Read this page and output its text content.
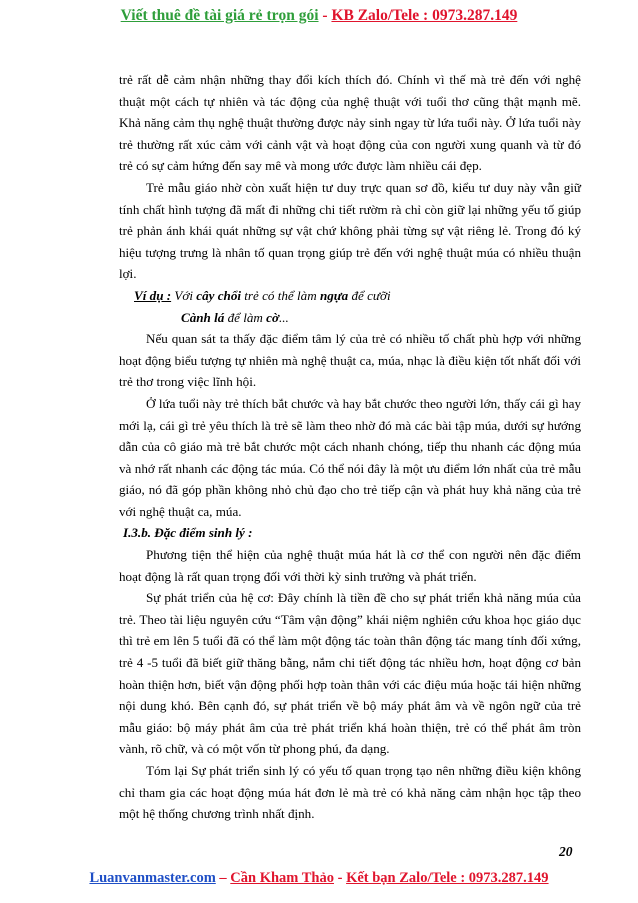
Viết thuê đề tài giá rẻ trọn gói - KB Zalo/Tele : 0973.287.149

trẻ rất dễ cảm nhận những thay đổi kích thích đó. Chính vì thế mà trẻ đến với nghệ thuật một cách tự nhiên và tác động của nghệ thuật với tuổi thơ cũng thật mạnh mẽ. Khả năng cảm thụ nghệ thuật thường được nảy sinh ngay từ lứa tuổi này. Ở lứa tuổi này trẻ thường rất xúc cảm với cảnh vật và hoạt động của con người xung quanh và từ đó trẻ có sự cảm hứng đến say mê và mong ước được làm nhiều cái đẹp.

Trẻ mẫu giáo nhờ còn xuất hiện tư duy trực quan sơ đồ, kiểu tư duy này vẫn giữ tính chất hình tượng đã mất đi những chi tiết rườm rà chỉ còn giữ lại những yếu tố giúp trẻ phản ánh khái quát những sự vật chứ không phải từng sự vật riêng lẻ. Trong đó ký hiệu tượng trưng là nhân tố quan trọng giúp trẻ đến với nghệ thuật múa có nhiều thuận lợi.

Ví dụ : Với cây chổi trẻ có thể làm ngựa để cưỡi

Cành lá để làm cờ...

Nếu quan sát ta thấy đặc điểm tâm lý của trẻ có nhiều tố chất phù hợp với những hoạt động biểu tượng tự nhiên mà nghệ thuật ca, múa, nhạc là điều kiện tốt nhất đối với trẻ thơ trong việc lĩnh hội.

Ở lứa tuổi này trẻ thích bắt chước và hay bắt chước theo người lớn, thấy cái gì hay mới lạ, cái gì trẻ yêu thích là trẻ sẽ làm theo nhờ đó mà các bài tập múa, dưới sự hướng dẫn của cô giáo mà trẻ bắt chước một cách nhanh chóng, tiếp thu nhanh các động múa và nhớ rất nhanh các động tác múa. Có thể nói đây là một ưu điểm lớn nhất của trẻ mẫu giáo, nó đã góp phần không nhỏ chủ đạo cho trẻ tiếp cận và phát huy khả năng của trẻ với nghệ thuật ca, múa.

I.3.b. Đặc điểm sinh lý :

Phương tiện thể hiện của nghệ thuật múa hát là cơ thể con người nên đặc điểm hoạt động là rất quan trọng đối với thời kỳ sinh trưởng và phát triển.

Sự phát triển của hệ cơ: Đây chính là tiền đề cho sự phát triển khả năng múa của trẻ. Theo tài liệu nguyên cứu “Tâm vận động” khái niệm nghiên cứu khoa học giáo dục thì trẻ em lên 5 tuổi đã có thể làm một động tác toàn thân động tác mang tính đối xứng, trẻ 4 -5 tuổi đã biết giữ thăng bằng, nắm chi tiết động tác nhiều hơn, hoạt động cơ bản hoàn thiện hơn, biết vận động phối hợp toàn thân với các điệu múa hoặc tái hiện những nội dung khó. Bên cạnh đó, sự phát triển về bộ máy phát âm và về ngôn ngữ của trẻ mẫu giáo: bộ máy phát âm của trẻ phát triển khá hoàn thiện, trẻ có thể phát âm tròn vành, rõ chữ, và có một vốn từ phong phú, đa dạng.

Tóm lại Sự phát triển sinh lý có yếu tố quan trọng tạo nên những điều kiện không chỉ tham gia các hoạt động múa hát đơn lẻ mà trẻ có khả năng cảm nhận học tập theo một hệ thống chương trình nhất định.

20
Luanvanmaster.com – Cần Kham Thảo - Kết bạn Zalo/Tele : 0973.287.149
